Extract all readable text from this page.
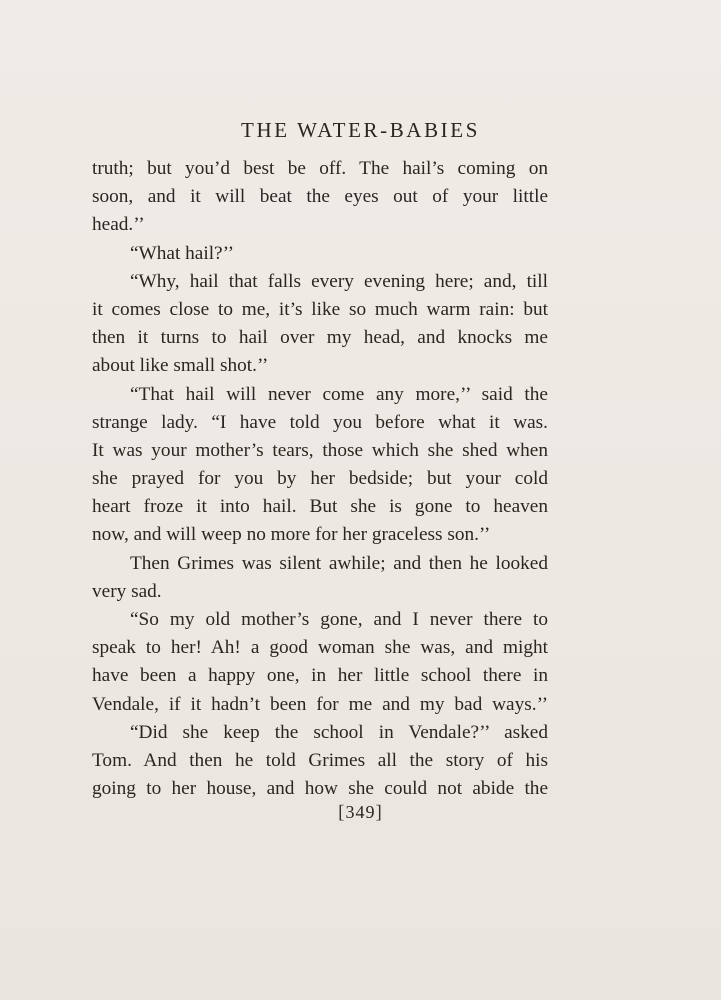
THE WATER-BABIES
truth; but you’d best be off. The hail’s coming on
soon, and it will beat the eyes out of your little
head.’’
“What hail?’’
“Why, hail that falls every evening here; and, till
it comes close to me, it’s like so much warm rain: but
then it turns to hail over my head, and knocks me
about like small shot.’’
“That hail will never come any more,’’ said the
strange lady. “I have told you before what it was.
It was your mother’s tears, those which she shed when
she prayed for you by her bedside; but your cold
heart froze it into hail. But she is gone to heaven
now, and will weep no more for her graceless son.’’
Then Grimes was silent awhile; and then he looked
very sad.
“So my old mother’s gone, and I never there to
speak to her! Ah! a good woman she was, and might
have been a happy one, in her little school there in
Vendale, if it hadn’t been for me and my bad ways.’’
“Did she keep the school in Vendale?’’ asked
Tom. And then he told Grimes all the story of his
going to her house, and how she could not abide the
[349]
